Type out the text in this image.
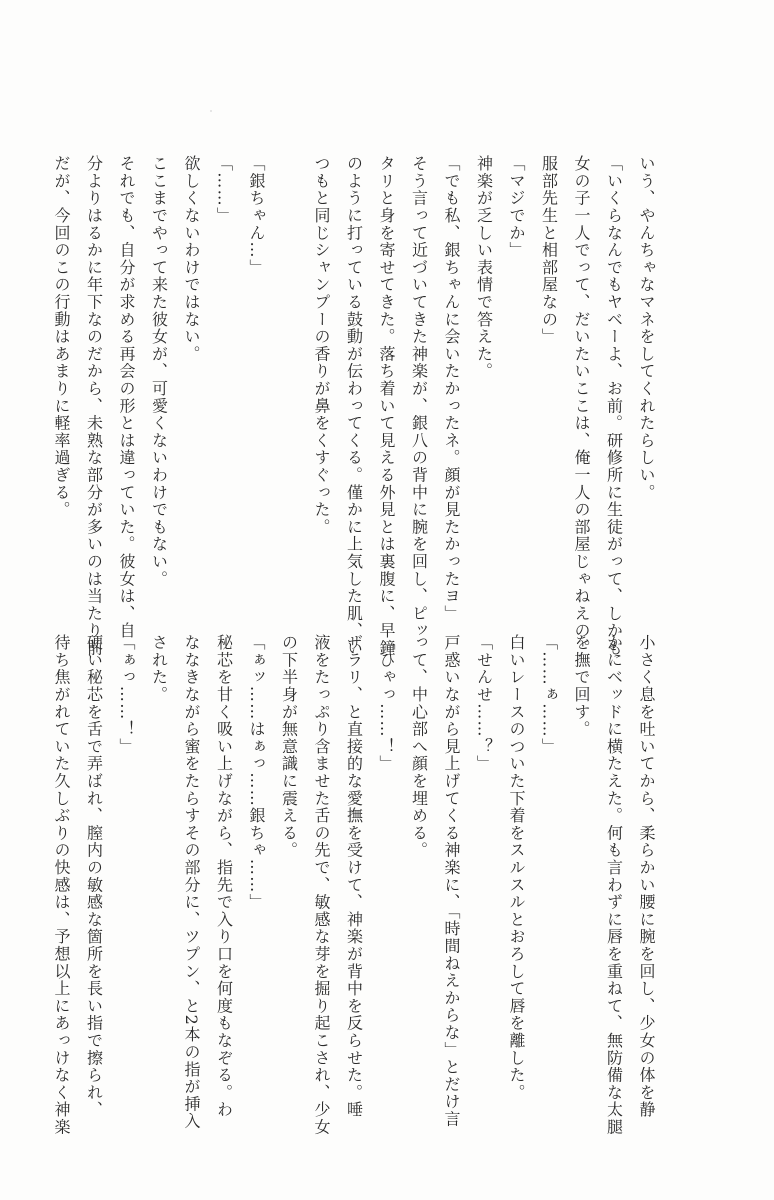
いう、やんちゃなマネをしてくれたらしい。
「いくらなんでもヤベーよ、お前。研修所に生徒がって、しかも
女の子一人でって、だいたいここは、俺一人の部屋じゃねえの。
服部先生と相部屋なの」
「マジでか」
神楽が乏しい表情で答えた。
「でも私、銀ちゃんに会いたかったネ。顔が見たかったヨ」
そう言って近づいてきた神楽が、銀八の背中に腕を回し、ピッ
タリと身を寄せてきた。落ち着いて見える外見とは裏腹に、早鐘
のように打っている鼓動が伝わってくる。僅かに上気した肌、い
つもと同じシャンプーの香りが鼻をくすぐった。

「銀ちゃん…」
「……」
欲しくないわけではない。
ここまでやって来た彼女が、可愛くないわけでもない。
それでも、自分が求める再会の形とは違っていた。彼女は、自
分よりはるかに年下なのだから、未熟な部分が多いのは当たり前
だが、今回のこの行動はあまりに軽率過ぎる。
小さく息を吐いてから、柔らかい腰に腕を回し、少女の体を静
かにベッドに横たえた。何も言わずに唇を重ねて、無防備な太腿
を撫で回す。
「……ぁ……」
白いレースのついた下着をスルスルとおろして唇を離した。
「せんせ……？」
戸惑いながら見上げてくる神楽に、「時間ねえからな」とだけ言
って、中心部へ顔を埋める。
「ひゃっ……！」
ザラリ、と直接的な愛撫を受けて、神楽が背中を反らせた。唾
液をたっぷり含ませた舌の先で、敏感な芽を掘り起こされ、少女
の下半身が無意識に震える。
「ぁッ……はぁっ……銀ちゃ……」
秘芯を甘く吸い上げながら、指先で入り口を何度もなぞる。わ
ななきながら蜜をたらすその部分に、ツプン、と2本の指が挿入
された。
「ぁっ……！」
硬い秘芯を舌で弄ばれ、膣内の敏感な箇所を長い指で擦られ、
待ち焦がれていた久しぶりの快感は、予想以上にあっけなく神楽
